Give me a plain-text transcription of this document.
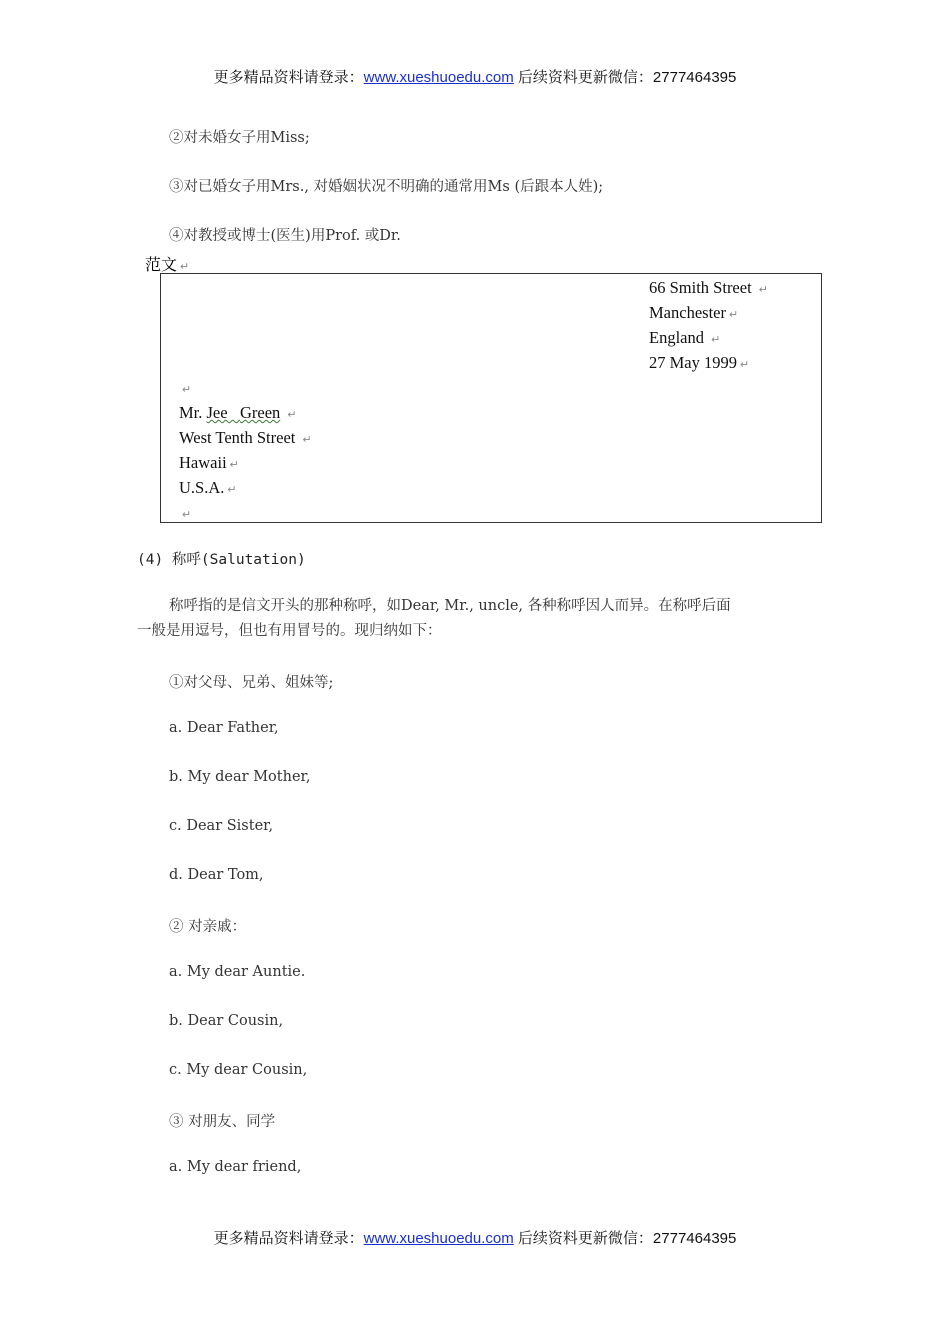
更多精品资料请登录：www.xueshuoedu.com 后续资料更新微信：2777464395
②对未婚女子用Miss;
③对已婚女子用Mrs., 对婚姻状况不明确的通常用Ms (后跟本人姓);
④对教授或博士(医生)用Prof. 或Dr.
范文 ↵
66 Smith Street ↵
Manchester ↵
England ↵
27 May 1999 ↵
↵
Mr. Jee Green ↵
West Tenth Street ↵
Hawaii ↵
U.S.A. ↵
↵
(4) 称呼(Salutation)
称呼指的是信文开头的那种称呼，如Dear, Mr., uncle, 各种称呼因人而异。在称呼后面
一般是用逗号，但也有用冒号的。现归纳如下：
①对父母、兄弟、姐妹等;
a. Dear Father,
b. My dear Mother,
c. Dear Sister,
d. Dear Tom,
② 对亲戚：
a. My dear Auntie.
b. Dear Cousin,
c. My dear Cousin,
③ 对朋友、同学
a. My dear friend,
更多精品资料请登录：www.xueshuoedu.com 后续资料更新微信：2777464395
